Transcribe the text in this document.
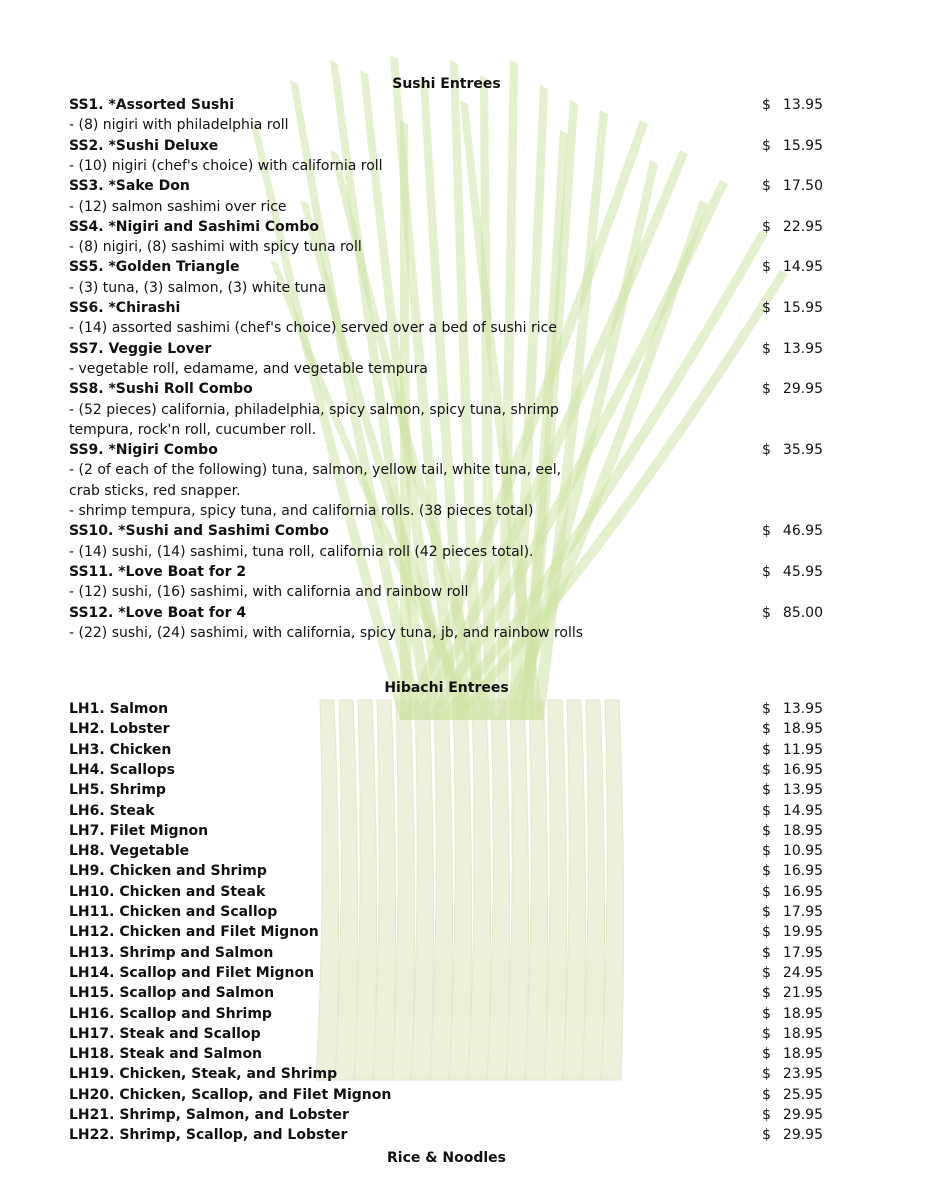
Sushi Entrees
SS1. *Assorted Sushi	$ 13.95
- (8) nigiri with philadelphia roll
SS2. *Sushi Deluxe	$ 15.95
- (10) nigiri (chef's choice) with california roll
SS3. *Sake Don	$ 17.50
- (12) salmon sashimi over rice
SS4. *Nigiri and Sashimi Combo	$ 22.95
- (8) nigiri, (8) sashimi with spicy tuna roll
SS5. *Golden Triangle	$ 14.95
- (3) tuna, (3) salmon, (3) white tuna
SS6. *Chirashi	$ 15.95
- (14) assorted sashimi (chef's choice) served over a bed of sushi rice
SS7. Veggie Lover	$ 13.95
- vegetable roll, edamame, and vegetable tempura
SS8. *Sushi Roll Combo	$ 29.95
- (52 pieces) california, philadelphia, spicy salmon, spicy tuna, shrimp
tempura, rock'n roll, cucumber roll.
SS9. *Nigiri Combo	$ 35.95
- (2 of each of the following) tuna, salmon, yellow tail, white tuna, eel,
crab sticks, red snapper.
- shrimp tempura, spicy tuna, and california rolls. (38 pieces total)
SS10. *Sushi and Sashimi Combo	$ 46.95
- (14) sushi, (14) sashimi, tuna roll, california roll (42 pieces total).
SS11. *Love Boat for 2	$ 45.95
- (12) sushi, (16) sashimi, with california and rainbow roll
SS12. *Love Boat for 4	$ 85.00
- (22) sushi, (24) sashimi, with california, spicy tuna, jb, and rainbow rolls
Hibachi Entrees
LH1. Salmon	$ 13.95
LH2. Lobster	$ 18.95
LH3. Chicken	$ 11.95
LH4. Scallops	$ 16.95
LH5. Shrimp	$ 13.95
LH6. Steak	$ 14.95
LH7. Filet Mignon	$ 18.95
LH8. Vegetable	$ 10.95
LH9. Chicken and Shrimp	$ 16.95
LH10. Chicken and Steak	$ 16.95
LH11. Chicken and Scallop	$ 17.95
LH12. Chicken and Filet Mignon	$ 19.95
LH13. Shrimp and Salmon	$ 17.95
LH14. Scallop and Filet Mignon	$ 24.95
LH15. Scallop and Salmon	$ 21.95
LH16. Scallop and Shrimp	$ 18.95
LH17. Steak and Scallop	$ 18.95
LH18. Steak and Salmon	$ 18.95
LH19. Chicken, Steak, and Shrimp	$ 23.95
LH20. Chicken, Scallop, and Filet Mignon	$ 25.95
LH21. Shrimp, Salmon, and Lobster	$ 29.95
LH22. Shrimp, Scallop, and Lobster	$ 29.95
Rice & Noodles
